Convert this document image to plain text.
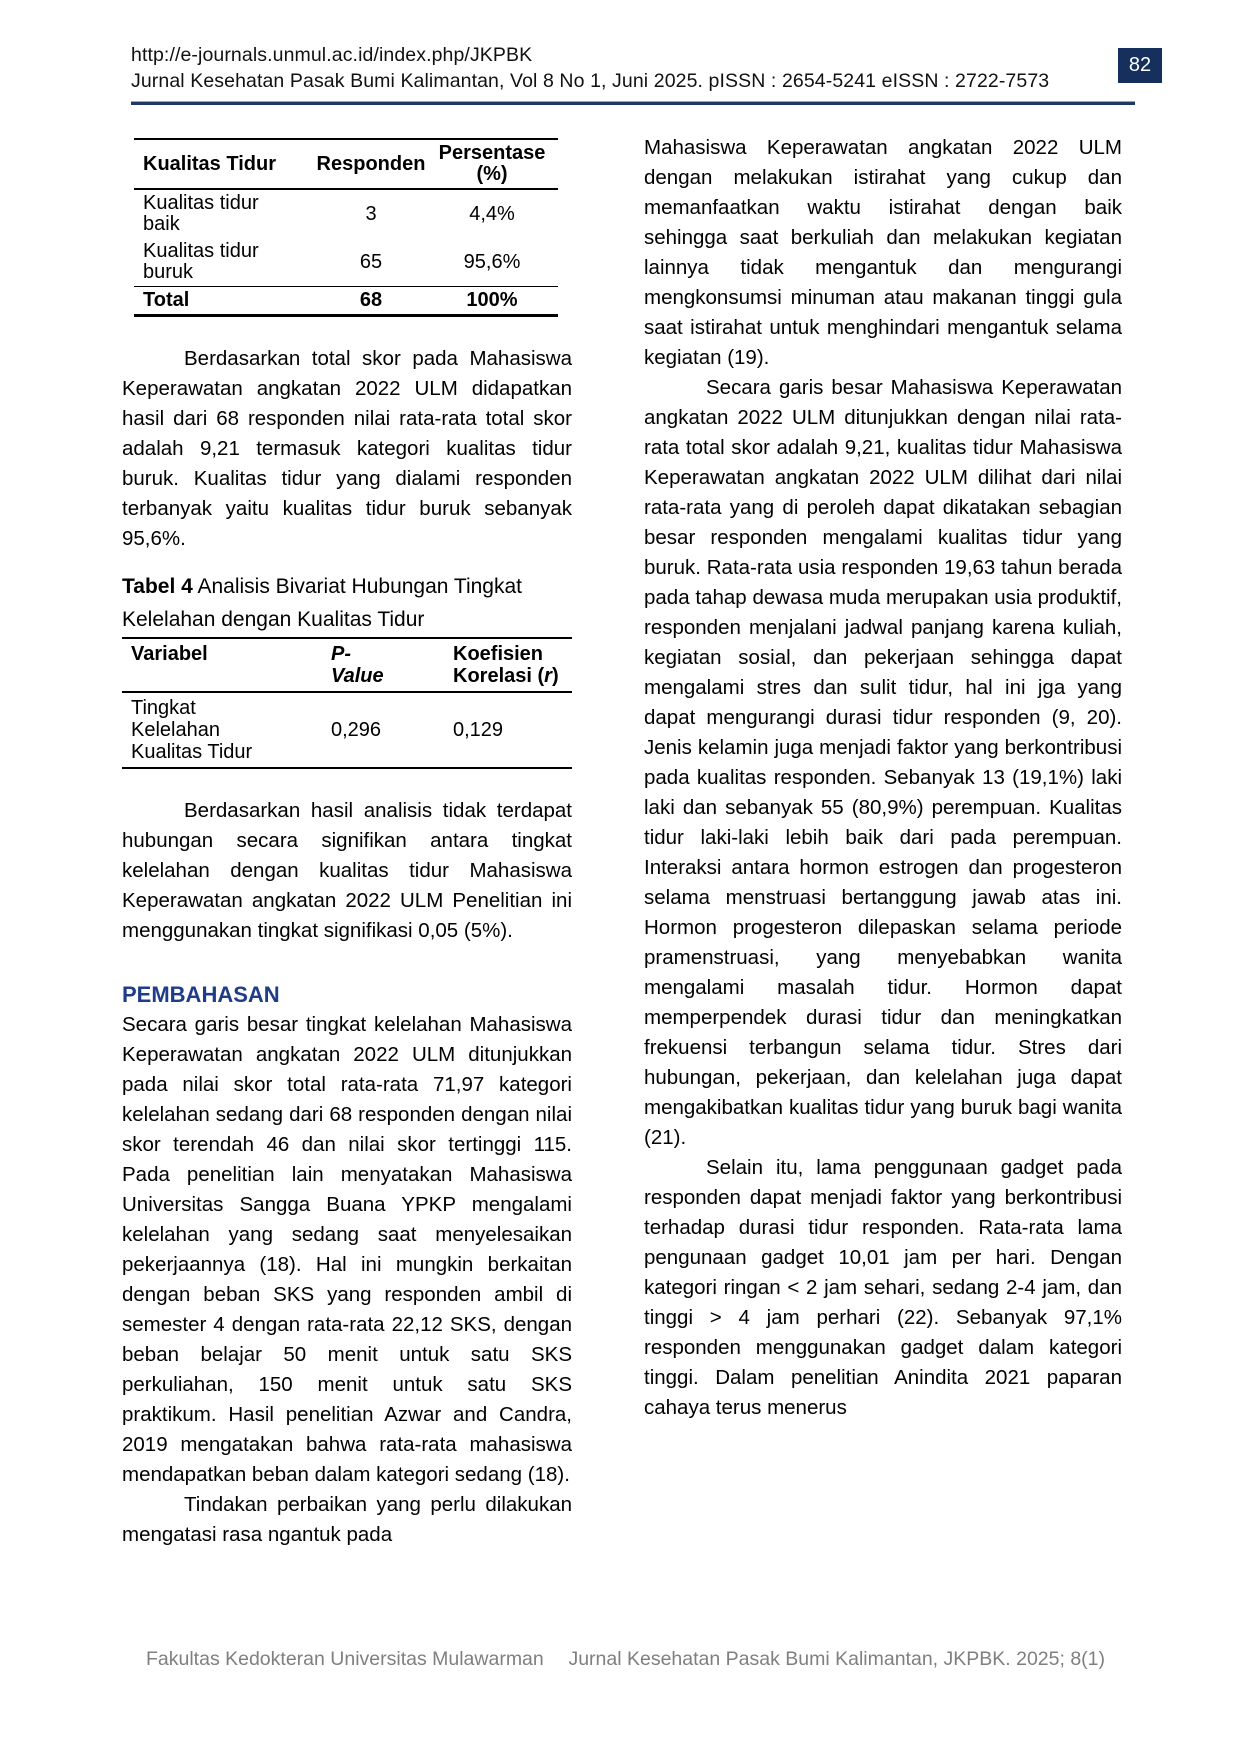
http://e-journals.unmul.ac.id/index.php/JKPBK
Jurnal Kesehatan Pasak Bumi Kalimantan, Vol 8 No 1, Juni 2025. pISSN : 2654-5241 eISSN : 2722-7573
82
Kualitas Tidur	Responden	Persentase (%)
Kualitas tidur baik	3	4,4%
Kualitas tidur buruk	65	95,6%
Total	68	100%

Berdasarkan total skor pada Mahasiswa Keperawatan angkatan 2022 ULM didapatkan hasil dari 68 responden nilai rata-rata total skor adalah 9,21 termasuk kategori kualitas tidur buruk. Kualitas tidur yang dialami responden terbanyak yaitu kualitas tidur buruk sebanyak 95,6%.

Tabel 4 Analisis Bivariat Hubungan Tingkat Kelelahan dengan Kualitas Tidur

Variabel	P-Value	Koefisien Korelasi (r)
Tingkat Kelelahan Kualitas Tidur	0,296	0,129

Berdasarkan hasil analisis tidak terdapat hubungan secara signifikan antara tingkat kelelahan dengan kualitas tidur Mahasiswa Keperawatan angkatan 2022 ULM Penelitian ini menggunakan tingkat signifikasi 0,05 (5%).

PEMBAHASAN

Secara garis besar tingkat kelelahan Mahasiswa Keperawatan angkatan 2022 ULM ditunjukkan pada nilai skor total rata-rata 71,97 kategori kelelahan sedang dari 68 responden dengan nilai skor terendah 46 dan nilai skor tertinggi 115. Pada penelitian lain menyatakan Mahasiswa Universitas Sangga Buana YPKP mengalami kelelahan yang sedang saat menyelesaikan pekerjaannya (18). Hal ini mungkin berkaitan dengan beban SKS yang responden ambil di semester 4 dengan rata-rata 22,12 SKS, dengan beban belajar 50 menit untuk satu SKS perkuliahan, 150 menit untuk satu SKS praktikum. Hasil penelitian Azwar and Candra, 2019 mengatakan bahwa rata-rata mahasiswa mendapatkan beban dalam kategori sedang (18).

Tindakan perbaikan yang perlu dilakukan mengatasi rasa ngantuk pada

Mahasiswa Keperawatan angkatan 2022 ULM dengan melakukan istirahat yang cukup dan memanfaatkan waktu istirahat dengan baik sehingga saat berkuliah dan melakukan kegiatan lainnya tidak mengantuk dan mengurangi mengkonsumsi minuman atau makanan tinggi gula saat istirahat untuk menghindari mengantuk selama kegiatan (19).

Secara garis besar Mahasiswa Keperawatan angkatan 2022 ULM ditunjukkan dengan nilai rata-rata total skor adalah 9,21, kualitas tidur Mahasiswa Keperawatan angkatan 2022 ULM dilihat dari nilai rata-rata yang di peroleh dapat dikatakan sebagian besar responden mengalami kualitas tidur yang buruk. Rata-rata usia responden 19,63 tahun berada pada tahap dewasa muda merupakan usia produktif, responden menjalani jadwal panjang karena kuliah, kegiatan sosial, dan pekerjaan sehingga dapat mengalami stres dan sulit tidur, hal ini jga yang dapat mengurangi durasi tidur responden (9, 20). Jenis kelamin juga menjadi faktor yang berkontribusi pada kualitas responden. Sebanyak 13 (19,1%) laki laki dan sebanyak 55 (80,9%) perempuan. Kualitas tidur laki-laki lebih baik dari pada perempuan. Interaksi antara hormon estrogen dan progesteron selama menstruasi bertanggung jawab atas ini. Hormon progesteron dilepaskan selama periode pramenstruasi, yang menyebabkan wanita mengalami masalah tidur. Hormon dapat memperpendek durasi tidur dan meningkatkan frekuensi terbangun selama tidur. Stres dari hubungan, pekerjaan, dan kelelahan juga dapat mengakibatkan kualitas tidur yang buruk bagi wanita (21).

Selain itu, lama penggunaan gadget pada responden dapat menjadi faktor yang berkontribusi terhadap durasi tidur responden. Rata-rata lama pengunaan gadget 10,01 jam per hari. Dengan kategori ringan < 2 jam sehari, sedang 2-4 jam, dan tinggi > 4 jam perhari (22). Sebanyak 97,1% responden menggunakan gadget dalam kategori tinggi. Dalam penelitian Anindita 2021 paparan cahaya terus menerus

Fakultas Kedokteran Universitas Mulawarman Jurnal Kesehatan Pasak Bumi Kalimantan, JKPBK. 2025; 8(1)
